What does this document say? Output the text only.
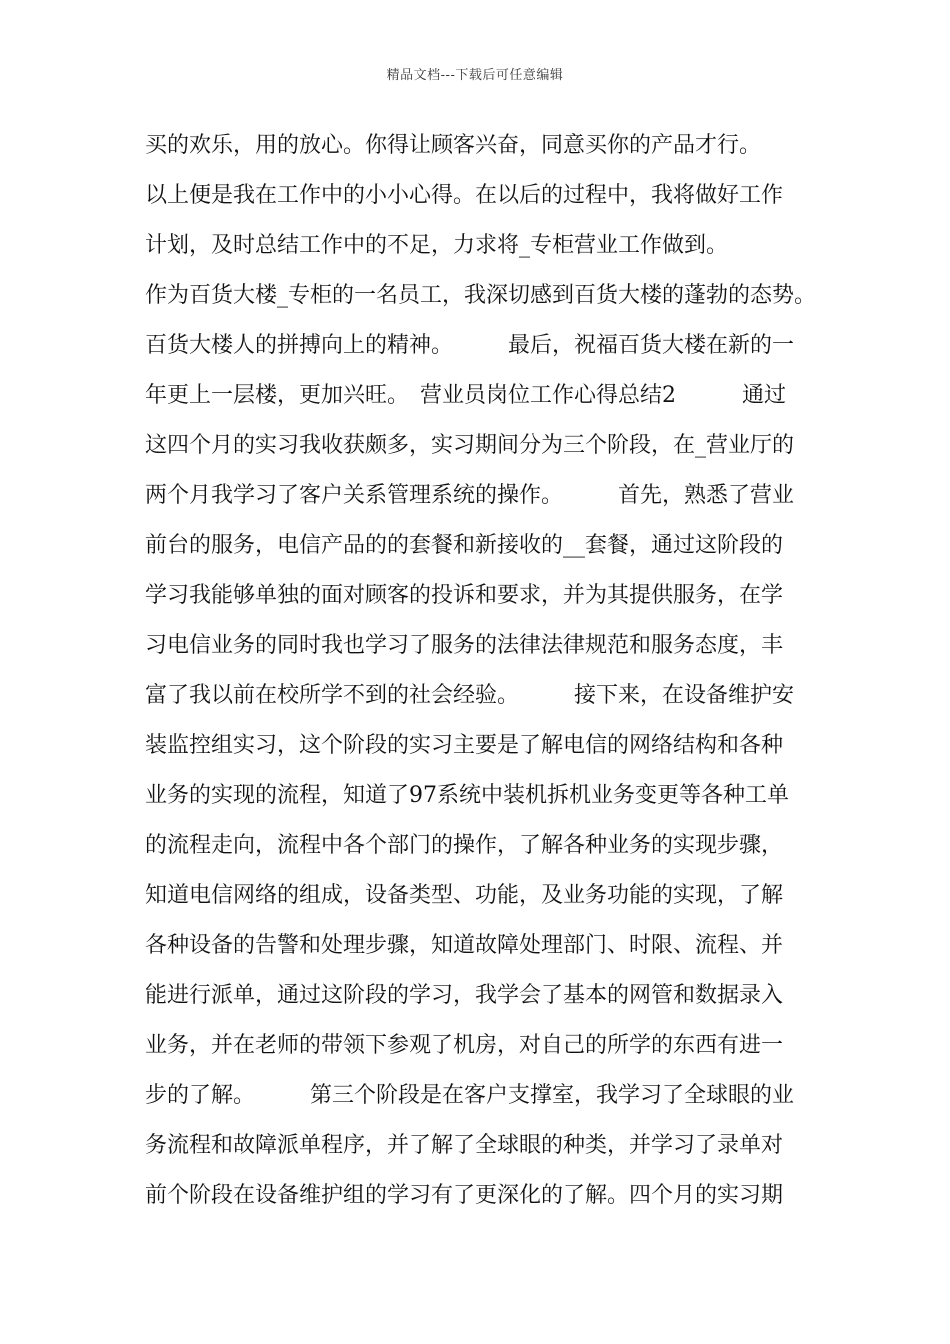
精品文档---下载后可任意编辑
买的欢乐，用的放心。你得让顾客兴奋，同意买你的产品才行。
以上便是我在工作中的小小心得。在以后的过程中，我将做好工作
计划，及时总结工作中的不足，力求将_专柜营业工作做到。
作为百货大楼_专柜的一名员工，我深切感到百货大楼的蓬勃的态势。
百货大楼人的拼搏向上的精神。　　　最后，祝福百货大楼在新的一
年更上一层楼，更加兴旺。　营业员岗位工作心得总结2　　　通过
这四个月的实习我收获颇多，实习期间分为三个阶段，在_营业厅的
两个月我学习了客户关系管理系统的操作。　　　首先，熟悉了营业
前台的服务，电信产品的的套餐和新接收的__套餐，通过这阶段的
学习我能够单独的面对顾客的投诉和要求，并为其提供服务，在学
习电信业务的同时我也学习了服务的法律法律规范和服务态度，丰
富了我以前在校所学不到的社会经验。　　　接下来，在设备维护安
装监控组实习，这个阶段的实习主要是了解电信的网络结构和各种
业务的实现的流程，知道了97系统中装机拆机业务变更等各种工单
的流程走向，流程中各个部门的操作，了解各种业务的实现步骤，
知道电信网络的组成，设备类型、功能，及业务功能的实现，了解
各种设备的告警和处理步骤，知道故障处理部门、时限、流程、并
能进行派单，通过这阶段的学习，我学会了基本的网管和数据录入
业务，并在老师的带领下参观了机房，对自己的所学的东西有进一
步的了解。　　　第三个阶段是在客户支撑室，我学习了全球眼的业
务流程和故障派单程序，并了解了全球眼的种类，并学习了录单对
前个阶段在设备维护组的学习有了更深化的了解。四个月的实习期
